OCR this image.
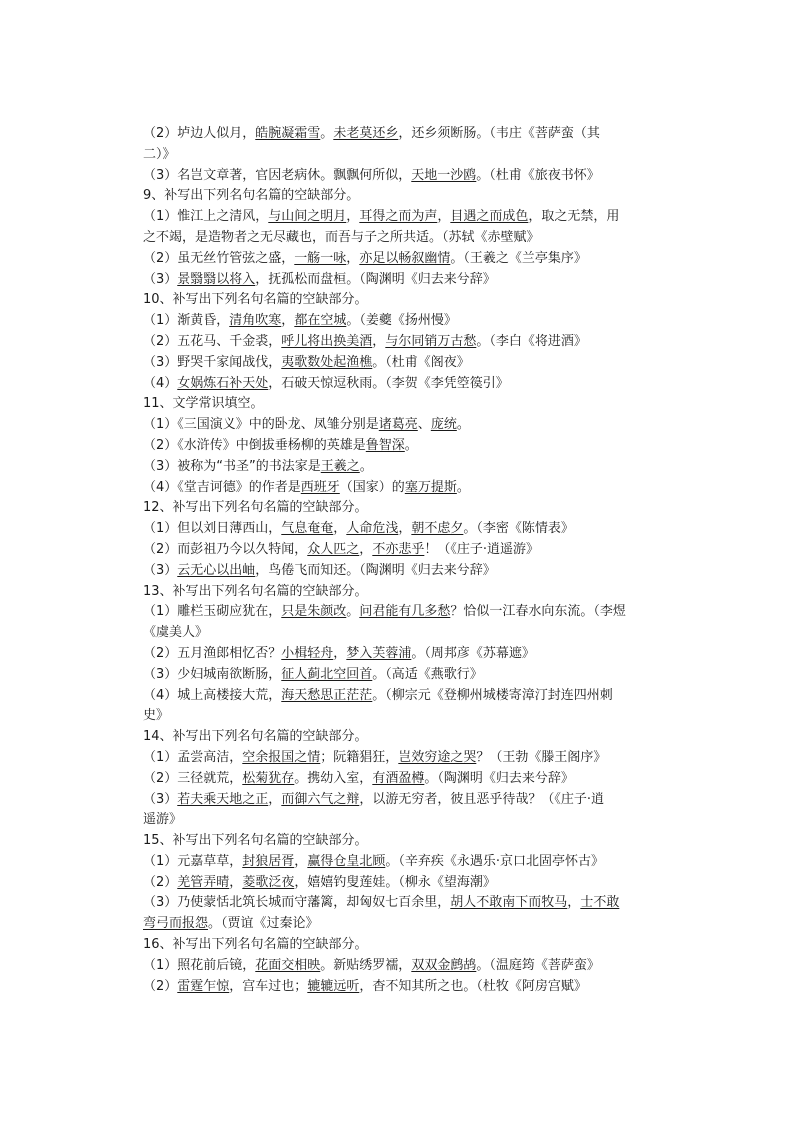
（2）垆边人似月，皓腕凝霜雪。未老莫还乡，还乡须断肠。（韦庄《菩萨蛮（其
二）》
（3）名岂文章著，官因老病休。飘飘何所似，天地一沙鸥。（杜甫《旅夜书怀》
9、补写出下列名句名篇的空缺部分。
（1）惟江上之清风，与山间之明月，耳得之而为声，目遇之而成色，取之无禁，用
之不竭，是造物者之无尽藏也，而吾与子之所共适。（苏轼《赤壁赋》
（2）虽无丝竹管弦之盛，一觞一咏，亦足以畅叙幽情。（王羲之《兰亭集序》
（3）景翳翳以将入，抚孤松而盘桓。（陶渊明《归去来兮辞》
10、补写出下列名句名篇的空缺部分。
（1）渐黄昏，清角吹寒，都在空城。（姜夔《扬州慢》
（2）五花马、千金裘，呼儿将出换美酒，与尔同销万古愁。（李白《将进酒》
（3）野哭千家闻战伐，夷歌数处起渔樵。（杜甫《阁夜》
（4）女娲炼石补天处，石破天惊逗秋雨。（李贺《李凭箜篌引》
11、文学常识填空。
（1）《三国演义》中的卧龙、凤雏分别是诸葛亮、庞统。
（2）《水浒传》中倒拔垂杨柳的英雄是鲁智深。
（3）被称为“书圣”的书法家是王羲之。
（4）《堂吉诃德》的作者是西班牙（国家）的塞万提斯。
12、补写出下列名句名篇的空缺部分。
（1）但以刘日薄西山，气息奄奄，人命危浅，朝不虑夕。（李密《陈情表》
（2）而彭祖乃今以久特闻，众人匹之，不亦悲乎！（《庄子·逍遥游》
（3）云无心以出岫，鸟倦飞而知还。（陶渊明《归去来兮辞》
13、补写出下列名句名篇的空缺部分。
（1）雕栏玉砌应犹在，只是朱颜改。问君能有几多愁？恰似一江春水向东流。（李煜
《虞美人》
（2）五月渔郎相忆否？小楫轻舟，梦入芙蓉浦。（周邦彦《苏幕遮》
（3）少妇城南欲断肠，征人蓟北空回首。（高适《燕歌行》
（4）城上高楼接大荒，海天愁思正茫茫。（柳宗元《登柳州城楼寄漳汀封连四州刺
史》
14、补写出下列名句名篇的空缺部分。
（1）孟尝高洁，空余报国之情；阮籍猖狂，岂效穷途之哭？（王勃《滕王阁序》
（2）三径就荒，松菊犹存。携幼入室，有酒盈樽。（陶渊明《归去来兮辞》
（3）若夫乘天地之正，而御六气之辩，以游无穷者，彼且恶乎待哉？（《庄子·逍
遥游》
15、补写出下列名句名篇的空缺部分。
（1）元嘉草草，封狼居胥，赢得仓皇北顾。（辛弃疾《永遇乐·京口北固亭怀古》
（2）羌管弄晴，菱歌泛夜，嬉嬉钓叟莲娃。（柳永《望海潮》
（3）乃使蒙恬北筑长城而守藩篱，却匈奴七百余里，胡人不敢南下而牧马，士不敢
弯弓而报怨。（贾谊《过秦论》
16、补写出下列名句名篇的空缺部分。
（1）照花前后镜，花面交相映。新贴绣罗襦，双双金鹧鸪。（温庭筠《菩萨蛮》
（2）雷霆乍惊，宫车过也；辘辘远听，杳不知其所之也。（杜牧《阿房宫赋》
